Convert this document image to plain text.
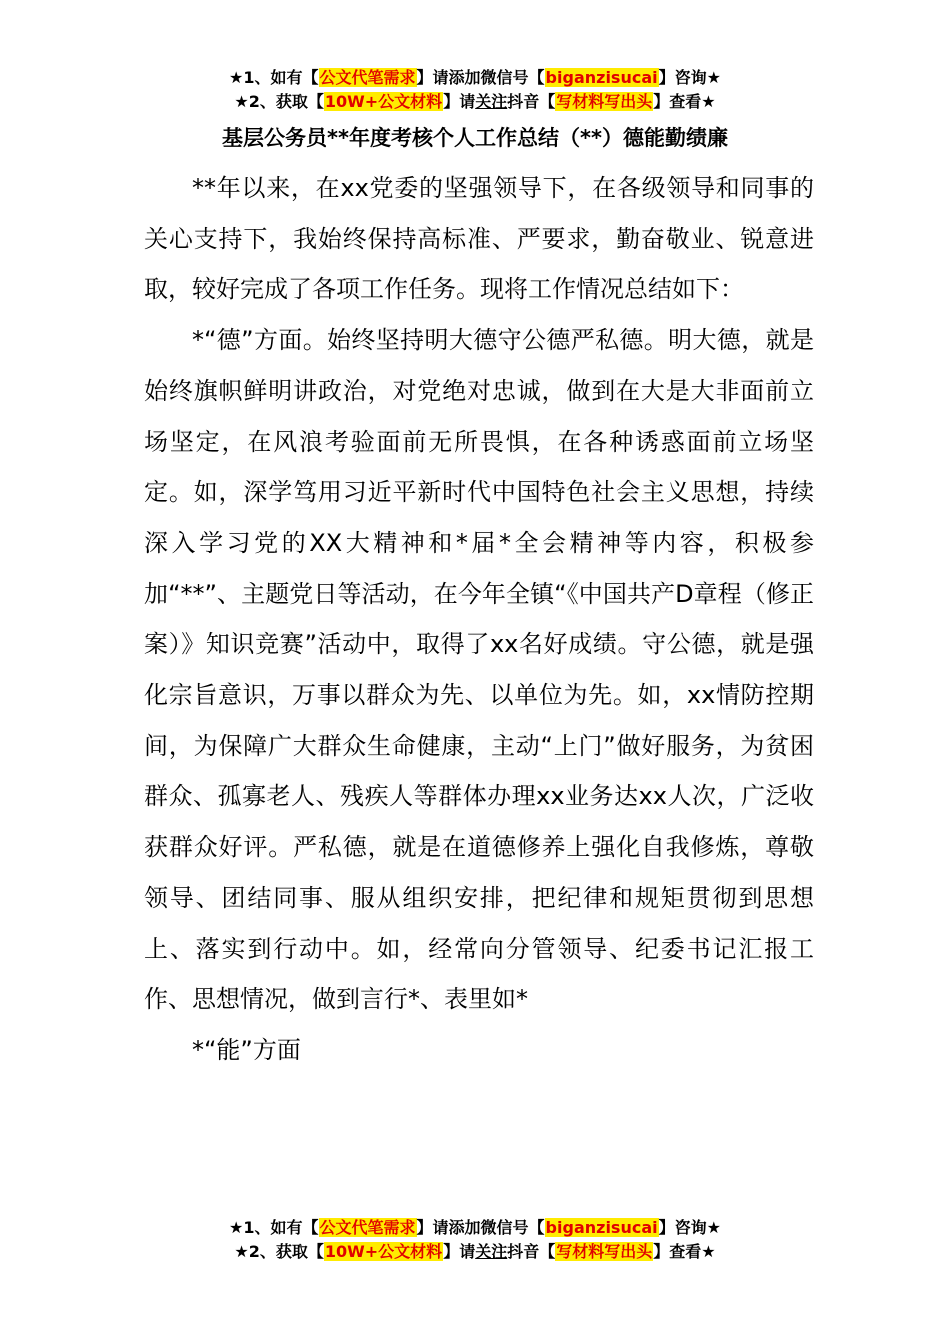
★1、如有【公文代笔需求】请添加微信号【biganzisucai】咨询★
★2、获取【10W+公文材料】请关注抖音【写材料写出头】查看★
基层公务员**年度考核个人工作总结（**）德能勤绩廉

**年以来，在xx党委的坚强领导下，在各级领导和同事的关心支持下，我始终保持高标准、严要求，勤奋敬业、锐意进取，较好完成了各项工作任务。现将工作情况总结如下：

*“德”方面。始终坚持明大德守公德严私德。明大德，就是始终旗帜鲜明讲政治，对党绝对忠诚，做到在大是大非面前立场坚定，在风浪考验面前无所畏惧，在各种诱惑面前立场坚定。如，深学笃用习近平新时代中国特色社会主义思想，持续深入学习党的XX大精神和*届*全会精神等内容，积极参加“**”、主题党日等活动，在今年全镇“《中国共产D章程（修正案）》知识竞赛”活动中，取得了xx名好成绩。守公德，就是强化宗旨意识，万事以群众为先、以单位为先。如，xx情防控期间，为保障广大群众生命健康，主动“上门”做好服务，为贫困群众、孤寡老人、残疾人等群体办理xx业务达xx人次，广泛收获群众好评。严私德，就是在道德修养上强化自我修炼，尊敬领导、团结同事、服从组织安排，把纪律和规矩贯彻到思想上、落实到行动中。如，经常向分管领导、纪委书记汇报工作、思想情况，做到言行*、表里如*

*“能”方面

★1、如有【公文代笔需求】请添加微信号【biganzisucai】咨询★
★2、获取【10W+公文材料】请关注抖音【写材料写出头】查看★
